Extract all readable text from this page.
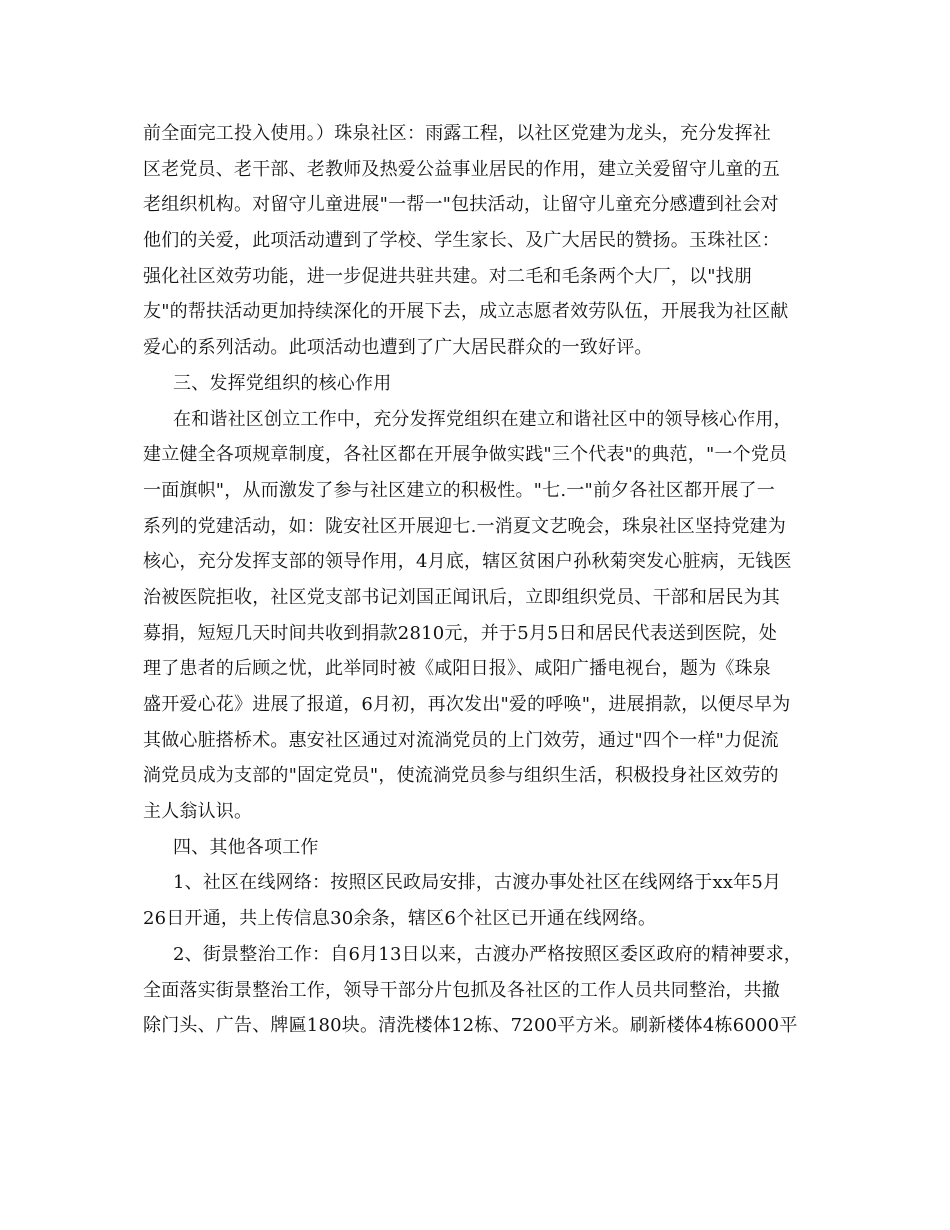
前全面完工投入使用。）珠泉社区：雨露工程，以社区党建为龙头，充分发挥社
区老党员、老干部、老教师及热爱公益事业居民的作用，建立关爱留守儿童的五
老组织机构。对留守儿童进展"一帮一"包扶活动，让留守儿童充分感遭到社会对
他们的关爱，此项活动遭到了学校、学生家长、及广大居民的赞扬。玉珠社区：
强化社区效劳功能，进一步促进共驻共建。对二毛和毛条两个大厂，以"找朋
友"的帮扶活动更加持续深化的开展下去，成立志愿者效劳队伍，开展我为社区献
爱心的系列活动。此项活动也遭到了广大居民群众的一致好评。
三、发挥党组织的核心作用
在和谐社区创立工作中，充分发挥党组织在建立和谐社区中的领导核心作用，
建立健全各项规章制度，各社区都在开展争做实践"三个代表"的典范，"一个党员
一面旗帜"，从而激发了参与社区建立的积极性。"七.一"前夕各社区都开展了一
系列的党建活动，如：陇安社区开展迎七.一消夏文艺晚会，珠泉社区坚持党建为
核心，充分发挥支部的领导作用，4月底，辖区贫困户孙秋菊突发心脏病，无钱医
治被医院拒收，社区党支部书记刘国正闻讯后，立即组织党员、干部和居民为其
募捐，短短几天时间共收到捐款2810元，并于5月5日和居民代表送到医院，处
理了患者的后顾之忧，此举同时被《咸阳日报》、咸阳广播电视台，题为《珠泉
盛开爱心花》进展了报道，6月初，再次发出"爱的呼唤"，进展捐款，以便尽早为
其做心脏搭桥术。惠安社区通过对流淌党员的上门效劳，通过"四个一样"力促流
淌党员成为支部的"固定党员"，使流淌党员参与组织生活，积极投身社区效劳的
主人翁认识。
四、其他各项工作
1、社区在线网络：按照区民政局安排，古渡办事处社区在线网络于xx年5月
26日开通，共上传信息30余条，辖区6个社区已开通在线网络。
2、街景整治工作：自6月13日以来，古渡办严格按照区委区政府的精神要求，
全面落实街景整治工作，领导干部分片包抓及各社区的工作人员共同整治，共撤
除门头、广告、牌匾180块。清洗楼体12栋、7200平方米。刷新楼体4栋6000平
